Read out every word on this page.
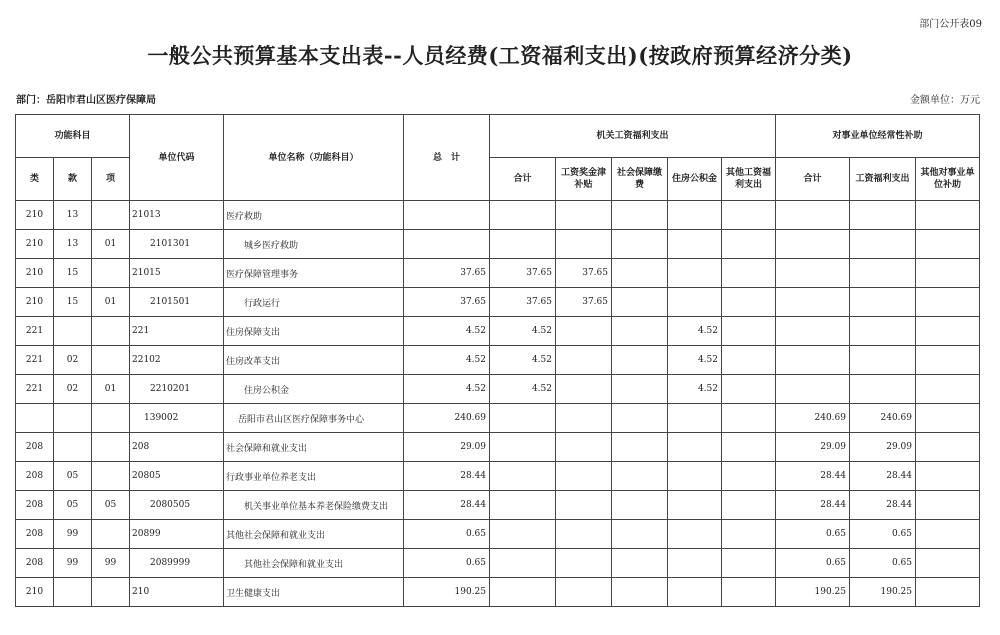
部门公开表09
一般公共预算基本支出表--人员经费(工资福利支出)(按政府预算经济分类)
部门：岳阳市君山区医疗保障局	金额单位：万元
功能科目			单位代码	单位名称（功能科目）	总　计	机关工资福利支出					对事业单位经常性补助		
类	款	项				合计	工资奖金津补贴	社会保障缴费	住房公积金	其他工资福利支出	合计	工资福利支出	其他对事业单位补助
210	13		21013	医疗救助									
210	13	01	2101301	城乡医疗救助									
210	15		21015	医疗保障管理事务	37.65	37.65	37.65						
210	15	01	2101501	行政运行	37.65	37.65	37.65						
221			221	住房保障支出	4.52	4.52			4.52				
221	02		22102	住房改革支出	4.52	4.52			4.52				
221	02	01	2210201	住房公积金	4.52	4.52			4.52				
			139002	岳阳市君山区医疗保障事务中心	240.69						240.69	240.69	
208			208	社会保障和就业支出	29.09						29.09	29.09	
208	05		20805	行政事业单位养老支出	28.44						28.44	28.44	
208	05	05	2080505	机关事业单位基本养老保险缴费支出	28.44						28.44	28.44	
208	99		20899	其他社会保障和就业支出	0.65						0.65	0.65	
208	99	99	2089999	其他社会保障和就业支出	0.65						0.65	0.65	
210			210	卫生健康支出	190.25						190.25	190.25	
